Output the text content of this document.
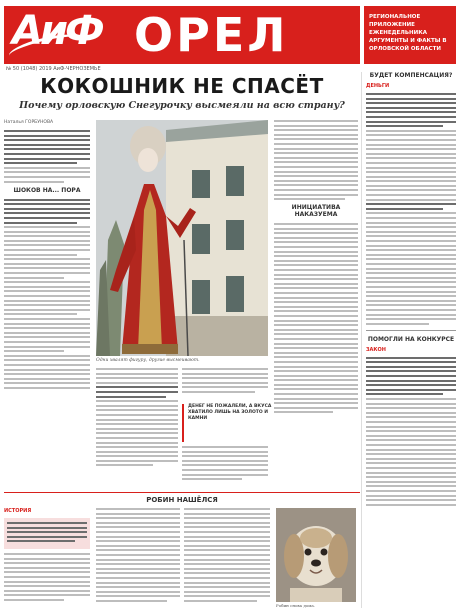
АиФ ОРЕЛ
№ 50 (1048) 2019 АиФ-ЧЕРНОЗЕМЬЕ
РЕГИОНАЛЬНОЕ ПРИЛОЖЕНИЕ ЕЖЕНЕДЕЛЬНИКА АРГУМЕНТЫ И ФАКТЫ В ОРЛОВСКОЙ ОБЛАСТИ
КОКОШНИК НЕ СПАСЁТ
Почему орловскую Снегурочку высмеяли на всю страну?
Наталья ГОРБУНОВА
ШОКОВ НА... ПОРА
Одни хвалят фигуру, другие высмеивают.
ДЕНЕГ НЕ ПОЖАЛЕЛИ, А ВКУСА ХВАТИЛО ЛИШЬ НА ЗОЛОТО И КАМНИ
ИНИЦИАТИВА НАКАЗУЕМА
РОБИН НАШЁЛСЯ
ИСТОРИЯ
Робин снова дома.
БУДЕТ КОМПЕНСАЦИЯ?
ДЕНЬГИ
ПОМОГЛИ НА КОНКУРСЕ
ЗАКОН
